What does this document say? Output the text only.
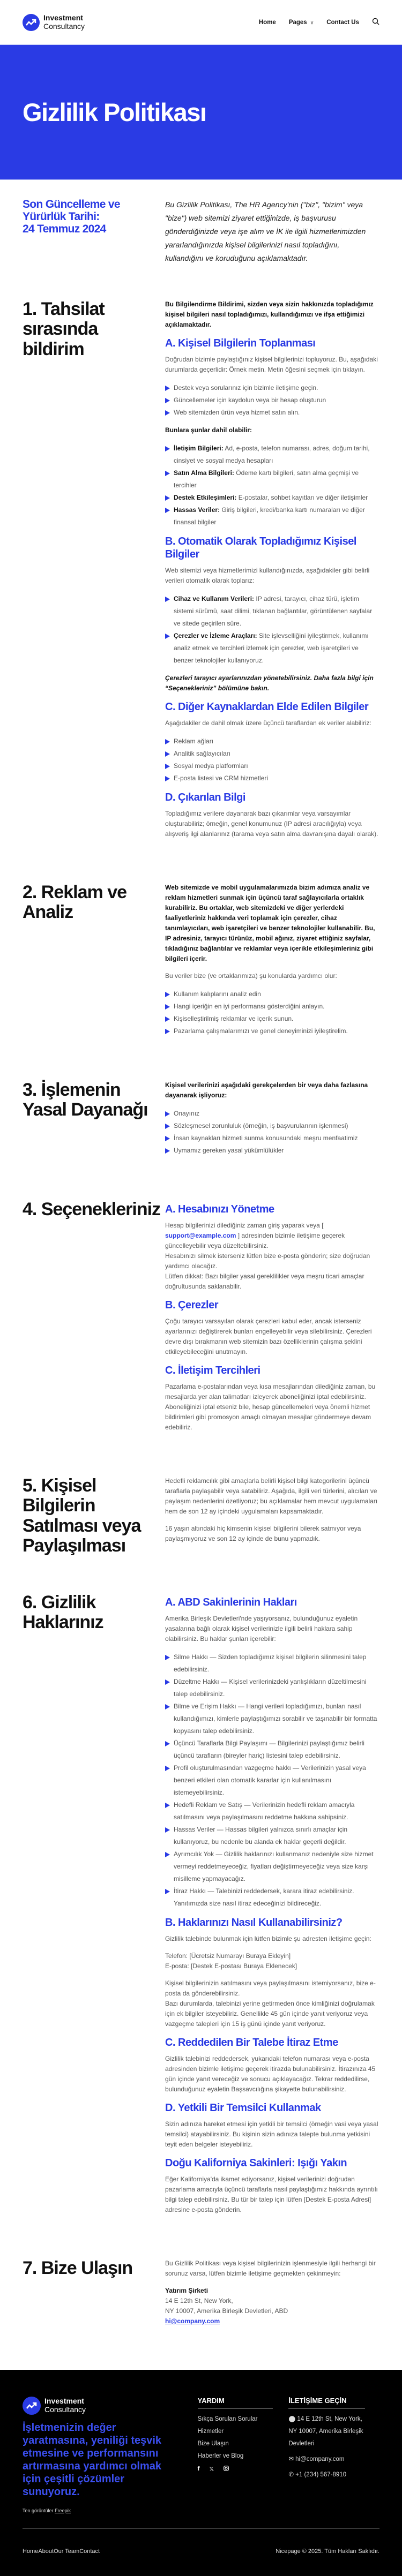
Investment
Consultancy	Home Pages ∨ Contact Us
Gizlilik Politikası
Son Güncelleme ve Yürürlük Tarihi:
24 Temmuz 2024

Bu Gizlilik Politikası, The HR Agency'nin ("biz", "bizim" veya "bize") web sitemizi ziyaret ettiğinizde, iş başvurusu gönderdiğinizde veya işe alım ve İK ile ilgili hizmetlerimizden yararlandığınızda kişisel bilgilerinizi nasıl topladığını, kullandığını ve koruduğunu açıklamaktadır.

1. Tahsilat sırasında bildirim

Bu Bilgilendirme Bildirimi, sizden veya sizin hakkınızda topladığımız kişisel bilgileri nasıl topladığımızı, kullandığımızı ve ifşa ettiğimizi açıklamaktadır.

A. Kişisel Bilgilerin Toplanması

Doğrudan bizimle paylaştığınız kişisel bilgilerinizi topluyoruz. Bu, aşağıdaki durumlarda geçerlidir: Örnek metin. Metin öğesini seçmek için tıklayın.

Destek veya sorularınız için bizimle iletişime geçin.
Güncellemeler için kaydolun veya bir hesap oluşturun
Web sitemizden ürün veya hizmet satın alın.

Bunlara şunlar dahil olabilir:

İletişim Bilgileri: Ad, e-posta, telefon numarası, adres, doğum tarihi, cinsiyet ve sosyal medya hesapları
Satın Alma Bilgileri: Ödeme kartı bilgileri, satın alma geçmişi ve tercihler
Destek Etkileşimleri: E-postalar, sohbet kayıtları ve diğer iletişimler
Hassas Veriler: Giriş bilgileri, kredi/banka kartı numaraları ve diğer finansal bilgiler
B. Otomatik Olarak Topladığımız Kişisel Bilgiler

Web sitemizi veya hizmetlerimizi kullandığınızda, aşağıdakiler gibi belirli verileri otomatik olarak toplarız:

Cihaz ve Kullanım Verileri: IP adresi, tarayıcı, cihaz türü, işletim sistemi sürümü, saat dilimi, tıklanan bağlantılar, görüntülenen sayfalar ve sitede geçirilen süre.
Çerezler ve İzleme Araçları: Site işlevselliğini iyileştirmek, kullanımı analiz etmek ve tercihleri izlemek için çerezler, web işaretçileri ve benzer teknolojiler kullanıyoruz.

Çerezleri tarayıcı ayarlarınızdan yönetebilirsiniz. Daha fazla bilgi için “Seçenekleriniz” bölümüne bakın.

C. Diğer Kaynaklardan Elde Edilen Bilgiler

Aşağıdakiler de dahil olmak üzere üçüncü taraflardan ek veriler alabiliriz:

Reklam ağları
Analitik sağlayıcıları
Sosyal medya platformları
E-posta listesi ve CRM hizmetleri
D. Çıkarılan Bilgi

Topladığımız verilere dayanarak bazı çıkarımlar veya varsayımlar oluşturabiliriz; örneğin, genel konumunuz (IP adresi aracılığıyla) veya alışveriş ilgi alanlarınız (tarama veya satın alma davranışına dayalı olarak).

2. Reklam ve Analiz

Web sitemizde ve mobil uygulamalarımızda bizim adımıza analiz ve reklam hizmetleri sunmak için üçüncü taraf sağlayıcılarla ortaklık kurabiliriz. Bu ortaklar, web sitemizdeki ve diğer yerlerdeki faaliyetleriniz hakkında veri toplamak için çerezler, cihaz tanımlayıcıları, web işaretçileri ve benzer teknolojiler kullanabilir. Bu, IP adresiniz, tarayıcı türünüz, mobil ağınız, ziyaret ettiğiniz sayfalar, tıkladığınız bağlantılar ve reklamlar veya içerikle etkileşimleriniz gibi bilgileri içerir.

Bu veriler bize (ve ortaklarımıza) şu konularda yardımcı olur:

Kullanım kalıplarını analiz edin
Hangi içeriğin en iyi performansı gösterdiğini anlayın.
Kişiselleştirilmiş reklamlar ve içerik sunun.
Pazarlama çalışmalarımızı ve genel deneyiminizi iyileştirelim.
3. İşlemenin Yasal Dayanağı

Kişisel verilerinizi aşağıdaki gerekçelerden bir veya daha fazlasına dayanarak işliyoruz:

Onayınız
Sözleşmesel zorunluluk (örneğin, iş başvurularının işlenmesi)
İnsan kaynakları hizmeti sunma konusundaki meşru menfaatimiz
Uymamız gereken yasal yükümlülükler
4. Seçenekleriniz A. Hesabınızı Yönetme

Hesap bilgilerinizi dilediğiniz zaman giriş yaparak veya [ support@example.com ] adresinden bizimle iletişime geçerek güncelleyebilir veya düzeltebilirsiniz.
Hesabınızı silmek isterseniz lütfen bize e-posta gönderin; size doğrudan yardımcı olacağız.
Lütfen dikkat: Bazı bilgiler yasal gereklilikler veya meşru ticari amaçlar doğrultusunda saklanabilir.

B. Çerezler

Çoğu tarayıcı varsayılan olarak çerezleri kabul eder, ancak isterseniz ayarlarınızı değiştirerek bunları engelleyebilir veya silebilirsiniz. Çerezleri devre dışı bırakmanın web sitemizin bazı özelliklerinin çalışma şeklini etkileyebileceğini unutmayın.

C. İletişim Tercihleri

Pazarlama e-postalarından veya kısa mesajlarından dilediğiniz zaman, bu mesajlarda yer alan talimatları izleyerek aboneliğinizi iptal edebilirsiniz. Aboneliğinizi iptal etseniz bile, hesap güncellemeleri veya önemli hizmet bildirimleri gibi promosyon amaçlı olmayan mesajlar göndermeye devam edebiliriz.

5. Kişisel Bilgilerin Satılması veya Paylaşılması

Hedefli reklamcılık gibi amaçlarla belirli kişisel bilgi kategorilerini üçüncü taraflarla paylaşabilir veya satabiliriz. Aşağıda, ilgili veri türlerini, alıcıları ve paylaşım nedenlerini özetliyoruz; bu açıklamalar hem mevcut uygulamaları hem de son 12 ay içindeki uygulamaları kapsamaktadır.

16 yaşın altındaki hiç kimsenin kişisel bilgilerini bilerek satmıyor veya paylaşmıyoruz ve son 12 ay içinde de bunu yapmadık.

6. Gizlilik Haklarınız
A. ABD Sakinlerinin Hakları

Amerika Birleşik Devletleri'nde yaşıyorsanız, bulunduğunuz eyaletin yasalarına bağlı olarak kişisel verilerinizle ilgili belirli haklara sahip olabilirsiniz. Bu haklar şunları içerebilir:

Silme Hakkı — Sizden topladığımız kişisel bilgilerin silinmesini talep edebilirsiniz.
Düzeltme Hakkı — Kişisel verilerinizdeki yanlışlıkların düzeltilmesini talep edebilirsiniz.
Bilme ve Erişim Hakkı — Hangi verileri topladığımızı, bunları nasıl kullandığımızı, kimlerle paylaştığımızı sorabilir ve taşınabilir bir formatta kopyasını talep edebilirsiniz.
Üçüncü Taraflarla Bilgi Paylaşımı — Bilgilerinizi paylaştığımız belirli üçüncü tarafların (bireyler hariç) listesini talep edebilirsiniz.
Profil oluşturulmasından vazgeçme hakkı — Verilerinizin yasal veya benzeri etkileri olan otomatik kararlar için kullanılmasını istemeyebilirsiniz.
Hedefli Reklam ve Satış — Verilerinizin hedefli reklam amacıyla satılmasını veya paylaşılmasını reddetme hakkına sahipsiniz.
Hassas Veriler — Hassas bilgileri yalnızca sınırlı amaçlar için kullanıyoruz, bu nedenle bu alanda ek haklar geçerli değildir.
Ayrımcılık Yok — Gizlilik haklarınızı kullanmanız nedeniyle size hizmet vermeyi reddetmeyeceğiz, fiyatları değiştirmeyeceğiz veya size karşı misilleme yapmayacağız.
İtiraz Hakkı — Talebinizi reddedersek, karara itiraz edebilirsiniz. Yanıtımızda size nasıl itiraz edeceğinizi bildireceğiz.
B. Haklarınızı Nasıl Kullanabilirsiniz?

Gizlilik talebinde bulunmak için lütfen bizimle şu adresten iletişime geçin:

Telefon: [Ücretsiz Numarayı Buraya Ekleyin]
E-posta: [Destek E-postası Buraya Eklenecek]

Kişisel bilgilerinizin satılmasını veya paylaşılmasını istemiyorsanız, bize e-posta da gönderebilirsiniz.
Bazı durumlarda, talebinizi yerine getirmeden önce kimliğinizi doğrulamak için ek bilgiler isteyebiliriz. Genellikle 45 gün içinde yanıt veriyoruz veya vazgeçme talepleri için 15 iş günü içinde yanıt veriyoruz.

C. Reddedilen Bir Talebe İtiraz Etme

Gizlilik talebinizi reddedersek, yukarıdaki telefon numarası veya e-posta adresinden bizimle iletişime geçerek itirazda bulunabilirsiniz. İtirazınıza 45 gün içinde yanıt vereceğiz ve sonucu açıklayacağız. Tekrar reddedilirse, bulunduğunuz eyaletin Başsavcılığına şikayette bulunabilirsiniz.

D. Yetkili Bir Temsilci Kullanmak

Sizin adınıza hareket etmesi için yetkili bir temsilci (örneğin vasi veya yasal temsilci) atayabilirsiniz. Bu kişinin sizin adınıza talepte bulunma yetkisini teyit eden belgeler isteyebiliriz.

Doğu Kaliforniya Sakinleri: Işığı Yakın

Eğer Kaliforniya'da ikamet ediyorsanız, kişisel verilerinizi doğrudan pazarlama amacıyla üçüncü taraflarla nasıl paylaştığımız hakkında ayrıntılı bilgi talep edebilirsiniz. Bu tür bir talep için lütfen [Destek E-posta Adresi] adresine e-posta gönderin.

7. Bize Ulaşın	Bu Gizlilik Politikası veya kişisel bilgilerinizin işlenmesiyle ilgili herhangi bir sorunuz varsa, lütfen bizimle iletişime geçmekten çekinmeyin:

Yatırım Şirketi
14 E 12th St, New York,
NY 10007, Amerika Birleşik Devletleri, ABD
hi@company.com

Investment
Consultancy

İşletmenizin değer yaratmasına, yeniliği teşvik etmesine ve performansını artırmasına yardımcı olmak için çeşitli çözümler sunuyoruz.

YARDIM
Sıkça Sorulan Sorular
Hizmetler
Bize Ulaşın
Haberler ve Blog
f 𝕏
İLETİŞİME GEÇİN
⬤ 14 E 12th St, New York, NY 10007, Amerika Birleşik Devletleri
✉ hi@company.com
✆ +1 (234) 567-8910

Ten görüntüler Freepik

HomeAboutOur TeamContact	Nicepage © 2025. Tüm Hakları Saklıdır.
